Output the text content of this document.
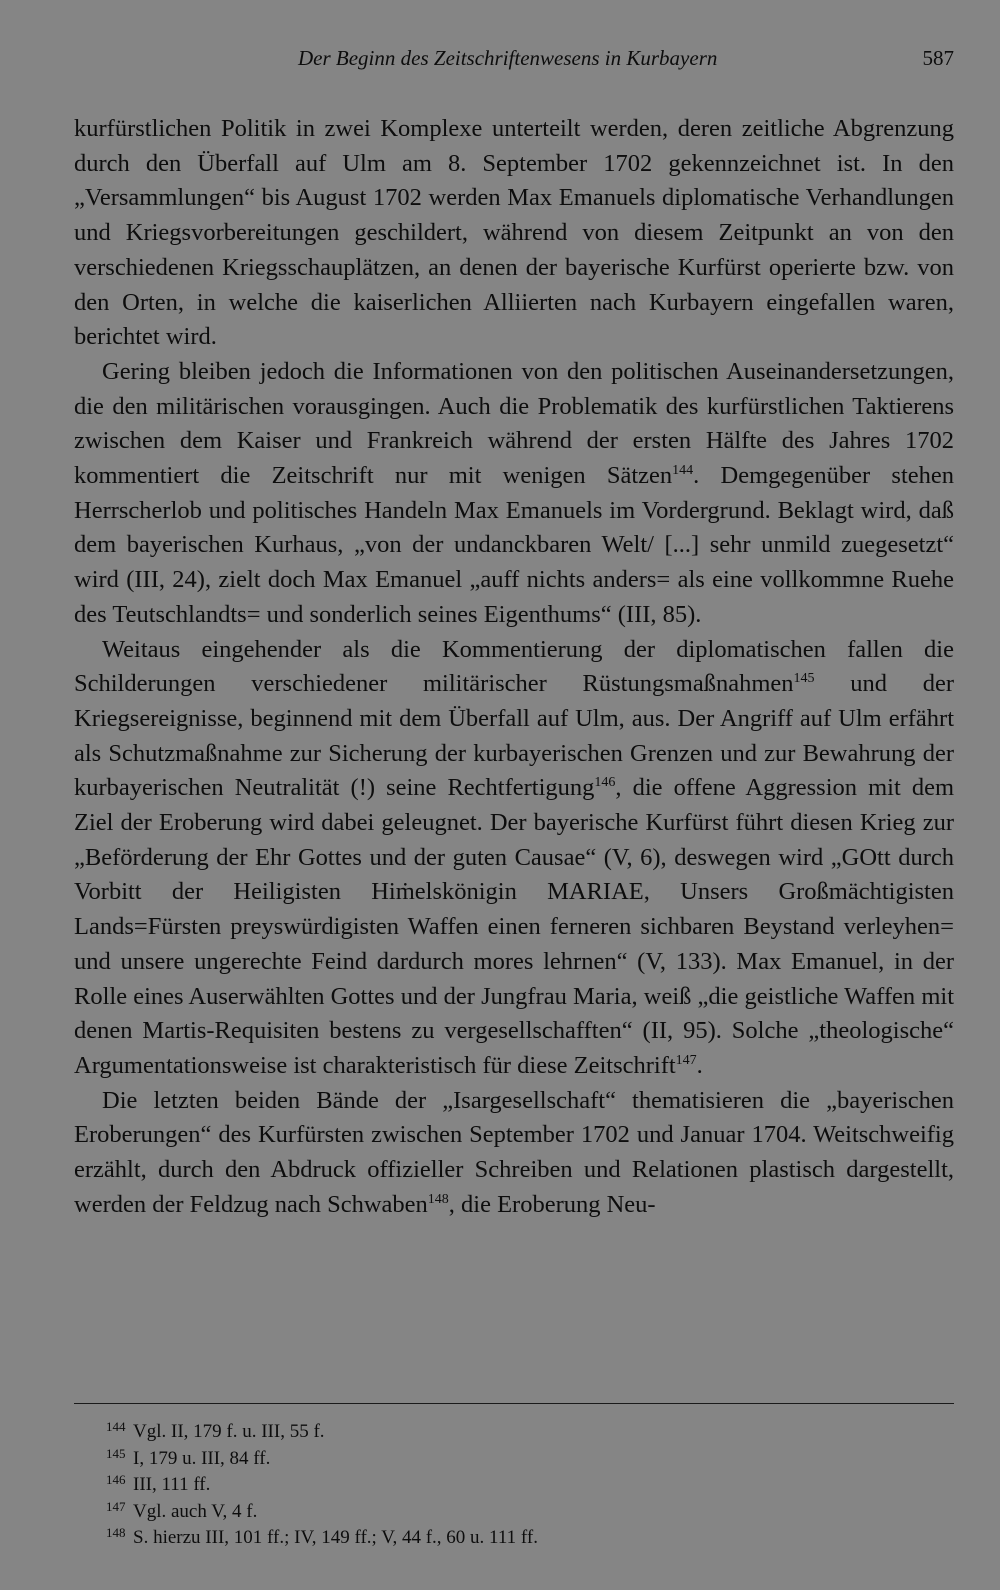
Der Beginn des Zeitschriftenwesens in Kurbayern	587

kurfürstlichen Politik in zwei Komplexe unterteilt werden, deren zeitliche Abgrenzung durch den Überfall auf Ulm am 8. September 1702 gekennzeichnet ist. In den „Versammlungen“ bis August 1702 werden Max Emanuels diplomatische Verhandlungen und Kriegsvorbereitungen geschildert, während von diesem Zeitpunkt an von den verschiedenen Kriegsschauplätzen, an denen der bayerische Kurfürst operierte bzw. von den Orten, in welche die kaiserlichen Alliierten nach Kurbayern eingefallen waren, berichtet wird.

Gering bleiben jedoch die Informationen von den politischen Auseinandersetzungen, die den militärischen vorausgingen. Auch die Problematik des kurfürstlichen Taktierens zwischen dem Kaiser und Frankreich während der ersten Hälfte des Jahres 1702 kommentiert die Zeitschrift nur mit wenigen Sätzen$^{144}$. Demgegenüber stehen Herrscherlob und politisches Handeln Max Emanuels im Vordergrund. Beklagt wird, daß dem bayerischen Kurhaus, „von der undanckbaren Welt/ [...] sehr unmild zuegesetzt“ wird (III, 24), zielt doch Max Emanuel „auff nichts anders= als eine vollkommne Ruehe des Teutschlandts= und sonderlich seines Eigenthums“ (III, 85).

Weitaus eingehender als die Kommentierung der diplomatischen fallen die Schilderungen verschiedener militärischer Rüstungsmaßnahmen$^{145}$ und der Kriegsereignisse, beginnend mit dem Überfall auf Ulm, aus. Der Angriff auf Ulm erfährt als Schutzmaßnahme zur Sicherung der kurbayerischen Grenzen und zur Bewahrung der kurbayerischen Neutralität (!) seine Rechtfertigung$^{146}$, die offene Aggression mit dem Ziel der Eroberung wird dabei geleugnet. Der bayerische Kurfürst führt diesen Krieg zur „Beförderung der Ehr Gottes und der guten Causae“ (V, 6), deswegen wird „GOtt durch Vorbitt der Heiligisten Hiṁelskönigin MARIAE, Unsers Großmächtigisten Lands=Fürsten preyswürdigisten Waffen einen ferneren sichbaren Beystand verleyhen= und unsere ungerechte Feind dardurch mores lehrnen“ (V, 133). Max Emanuel, in der Rolle eines Auserwählten Gottes und der Jungfrau Maria, weiß „die geistliche Waffen mit denen Martis-Requisiten bestens zu vergesellschafften“ (II, 95). Solche „theologische“ Argumentationsweise ist charakteristisch für diese Zeitschrift$^{147}$.

Die letzten beiden Bände der „Isargesellschaft“ thematisieren die „bayerischen Eroberungen“ des Kurfürsten zwischen September 1702 und Januar 1704. Weitschweifig erzählt, durch den Abdruck offizieller Schreiben und Relationen plastisch dargestellt, werden der Feldzug nach Schwaben$^{148}$, die Eroberung Neu-

144 Vgl. II, 179 f. u. III, 55 f.
145 I, 179 u. III, 84 ff.
146 III, 111 ff.
147 Vgl. auch V, 4 f.
148 S. hierzu III, 101 ff.; IV, 149 ff.; V, 44 f., 60 u. 111 ff.
